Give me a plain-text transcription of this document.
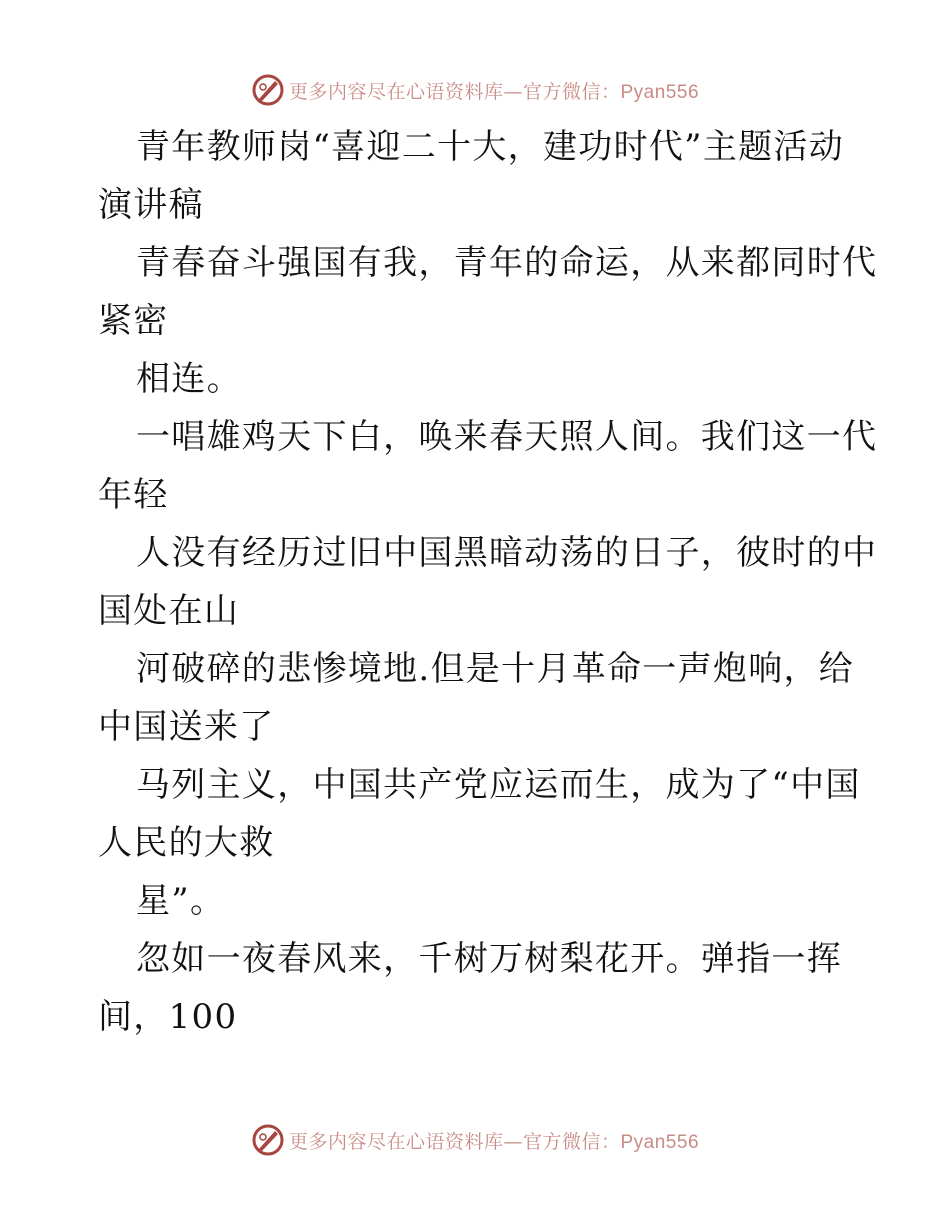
更多内容尽在心语资料库—官方微信：Pyan556
青年教师岗“喜迎二十大，建功时代”主题活动
演讲稿
青春奋斗强国有我，青年的命运，从来都同时代
紧密
相连。
一唱雄鸡天下白，唤来春天照人间。我们这一代
年轻
人没有经历过旧中国黑暗动荡的日子，彼时的中
国处在山
河破碎的悲惨境地.但是十月革命一声炮响，给
中国送来了
马列主义，中国共产党应运而生，成为了“中国
人民的大救
星”。
忽如一夜春风来，千树万树梨花开。弹指一挥
间，100
更多内容尽在心语资料库—官方微信：Pyan556
